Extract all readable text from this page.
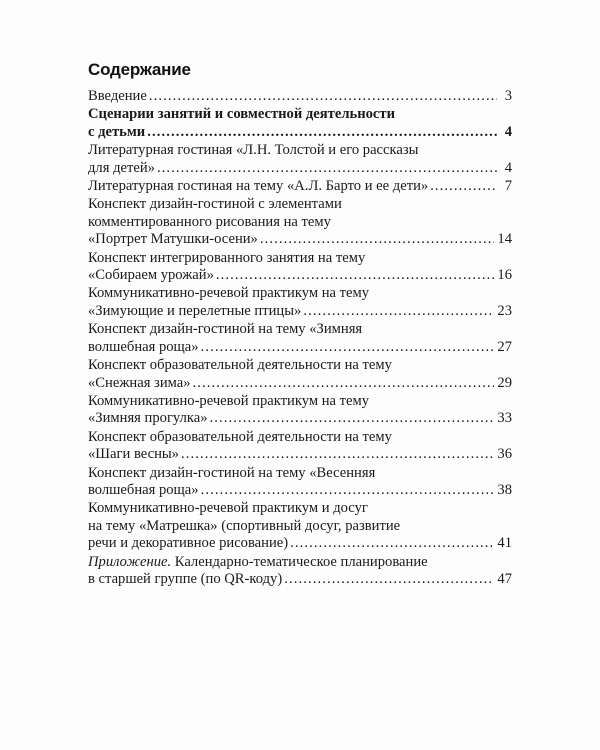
Содержание
Введение .....	3
Сценарии занятий и совместной деятельности
с детьми .....	4
Литературная гостиная «Л.Н. Толстой и его рассказы
для детей» .....	4
Литературная гостиная на тему «А.Л. Барто и ее дети» .....	7
Конспект дизайн-гостиной с элементами
комментированного рисования на тему
«Портрет Матушки-осени» .....	14
Конспект интегрированного занятия на тему
«Собираем урожай» .....	16
Коммуникативно-речевой практикум на тему
«Зимующие и перелетные птицы» .....	23
Конспект дизайн-гостиной на тему «Зимняя
волшебная роща» .....	27
Конспект образовательной деятельности на тему
«Снежная зима» .....	29
Коммуникативно-речевой практикум на тему
«Зимняя прогулка» .....	33
Конспект образовательной деятельности на тему
«Шаги весны» .....	36
Конспект дизайн-гостиной на тему «Весенняя
волшебная роща» .....	38
Коммуникативно-речевой практикум и досуг
на тему «Матрешка» (спортивный досуг, развитие
речи и декоративное рисование) .....	41
Приложение. Календарно-тематическое планирование
в старшей группе (по QR-коду) .....	47
